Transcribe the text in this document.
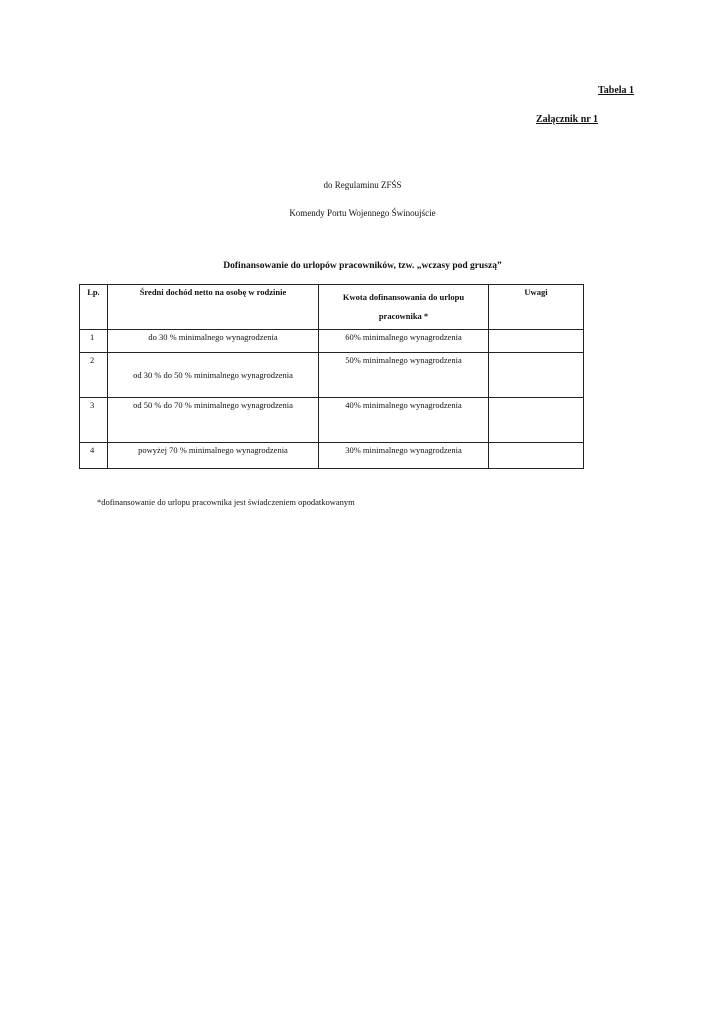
Tabela 1
Załącznik nr 1
do Regulaminu ZFŚS
Komendy Portu Wojennego Świnoujście
Dofinansowanie do urlopów pracowników, tzw. „wczasy pod gruszą”
Lp.	Średni dochód netto na osobę w rodzinie	Kwota dofinansowania do urlopu pracownika *	Uwagi
1	do 30 % minimalnego wynagrodzenia	60% minimalnego wynagrodzenia	
2	od 30 % do 50 % minimalnego wynagrodzenia	50% minimalnego wynagrodzenia	
3	od 50 % do 70 % minimalnego wynagrodzenia	40% minimalnego wynagrodzenia	
4	powyżej 70 % minimalnego wynagrodzenia	30% minimalnego wynagrodzenia	
*dofinansowanie do urlopu pracownika jest świadczeniem opodatkowanym
